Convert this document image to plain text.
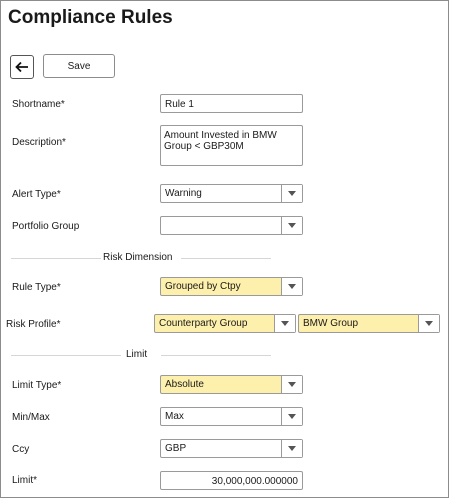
Compliance Rules
Save
Shortname*	Rule 1
Description*
Amount Invested in BMW
Group < GBP30M
Alert Type*	Warning
Portfolio Group
Risk Dimension
Rule Type*	Grouped by Ctpy
Risk Profile*	Counterparty Group	BMW Group
Limit
Limit Type*	Absolute
Min/Max	Max
Ccy	GBP
Limit*	30,000,000.000000
